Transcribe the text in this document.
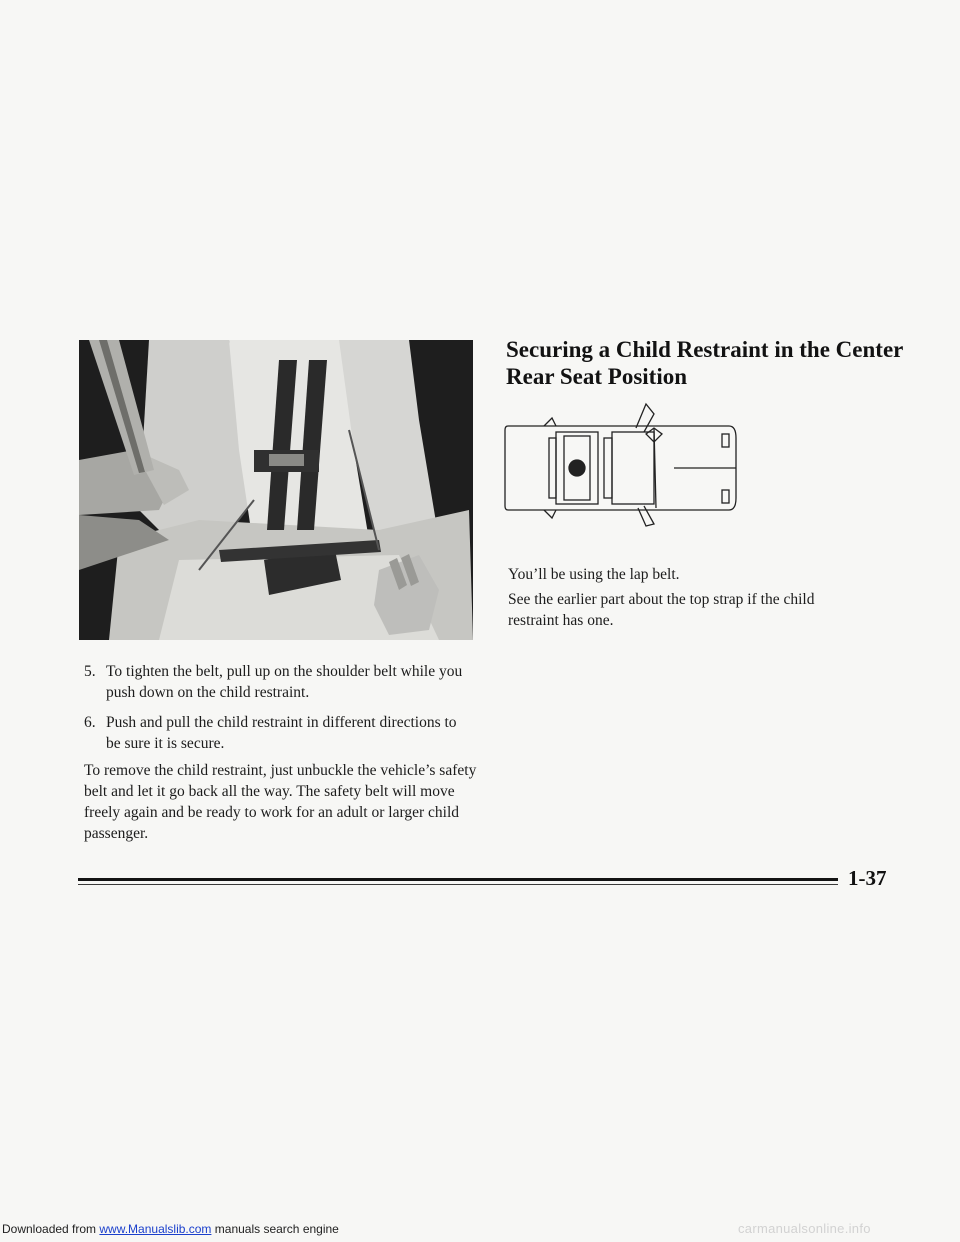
5. To tighten the belt, pull up on the shoulder belt while you push down on the child restraint.
6. Push and pull the child restraint in different directions to be sure it is secure.

To remove the child restraint, just unbuckle the vehicle’s safety belt and let it go back all the way. The safety belt will move freely again and be ready to work for an adult or larger child passenger.

Securing a Child Restraint in the Center Rear Seat Position

You’ll be using the lap belt.

See the earlier part about the top strap if the child restraint has one.

1-37
Downloaded from www.Manualslib.com manuals search engine	carmanualsonline.info
